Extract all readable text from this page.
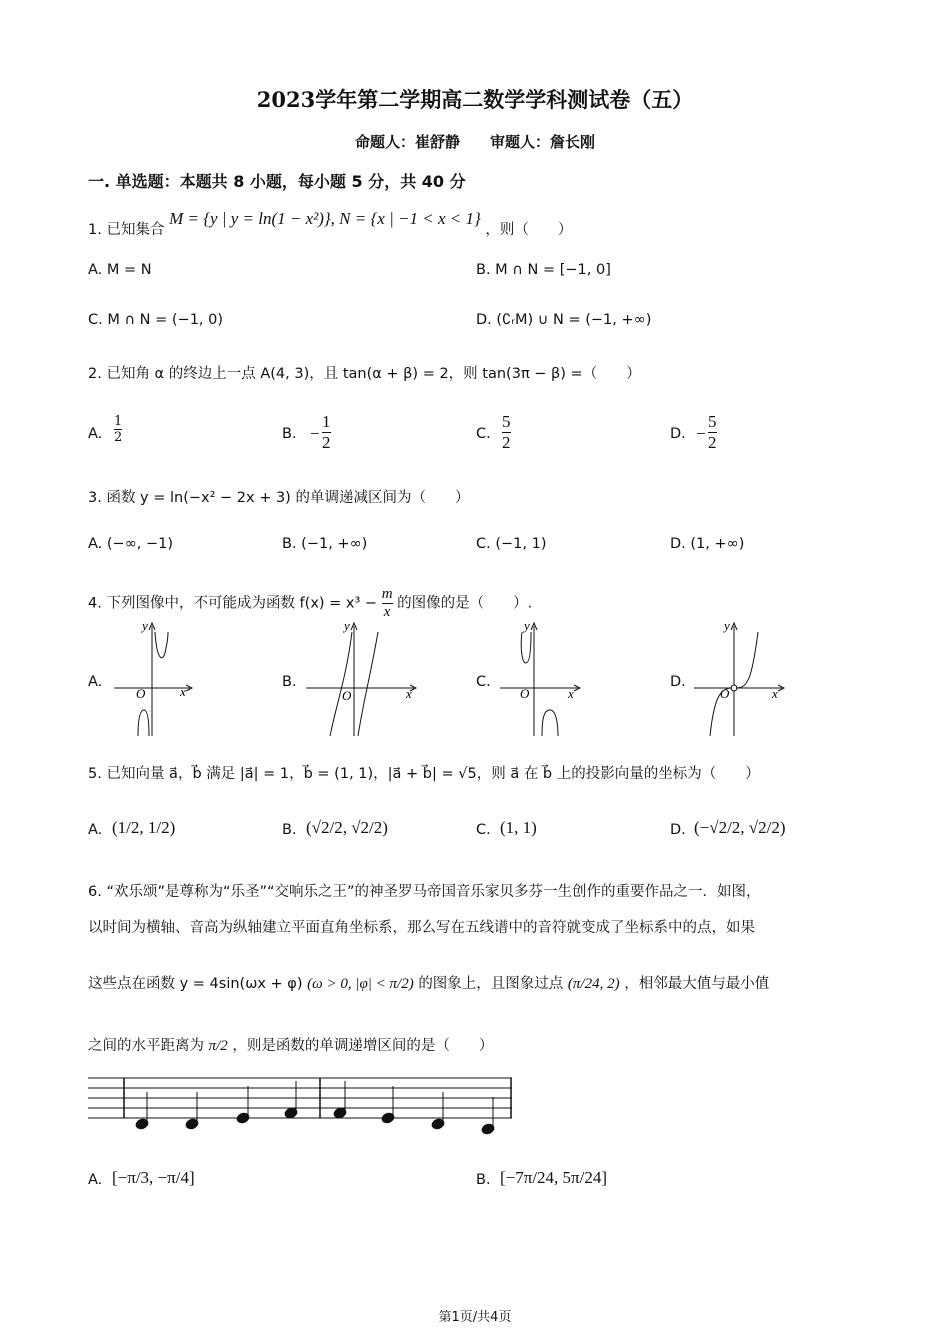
2023学年第二学期高二数学学科测试卷（五）
命题人：崔舒静　　审题人：詹长刚
一. 单选题：本题共 8 小题，每小题 5 分，共 40 分
1. 已知集合 M = {y | y = ln(1 − x²)}, N = {x | −1 < x < 1} ，则（　　）
A. M = N	B. M ∩ N = [−1, 0]
C. M ∩ N = (−1, 0)	D. (∁ᵣM) ∪ N = (−1, +∞)
2. 已知角 α 的终边上一点 A(4, 3)，且 tan(α + β) = 2，则 tan(3π − β) =（　　）
A. $\frac{1}{2}$	B. − $\frac{1}{2}$	C. $\frac{5}{2}$	D. − $\frac{5}{2}$
3. 函数 y = ln(−x² − 2x + 3) 的单调递减区间为（　　）
A. (−∞, −1)	B. (−1, +∞)	C. (−1, 1)	D. (1, +∞)
4. 下列图像中，不可能成为函数 $f(x) = x^3 - \frac{m}{x}$ 的图像的是（　　）.
A.	B.	C.	D.
y
x
O
y
x
O
y
x
O
y
x
O
5. 已知向量 a⃗，b⃗ 满足 |a⃗| = 1，b⃗ = (1, 1)，|a⃗ + b⃗| = √5，则 a⃗ 在 b⃗ 上的投影向量的坐标为（　　）
A. (1/2, 1/2)	B. (√2/2, √2/2)	C. (1, 1)	D. (−√2/2, √2/2)
6. “欢乐颂”是尊称为“乐圣”“交响乐之王”的神圣罗马帝国音乐家贝多芬一生创作的重要作品之一．如图，
以时间为横轴、音高为纵轴建立平面直角坐标系，那么写在五线谱中的音符就变成了坐标系中的点，如果
这些点在函数 y = 4sin(ωx + φ) (ω > 0, |φ| < π/2) 的图象上，且图象过点 (π/24, 2) ，相邻最大值与最小值
之间的水平距离为 π/2 ，则是函数的单调递增区间的是（　　）
A. [−π/3, −π/4]	B. [−7π/24, 5π/24]
第1页/共4页
